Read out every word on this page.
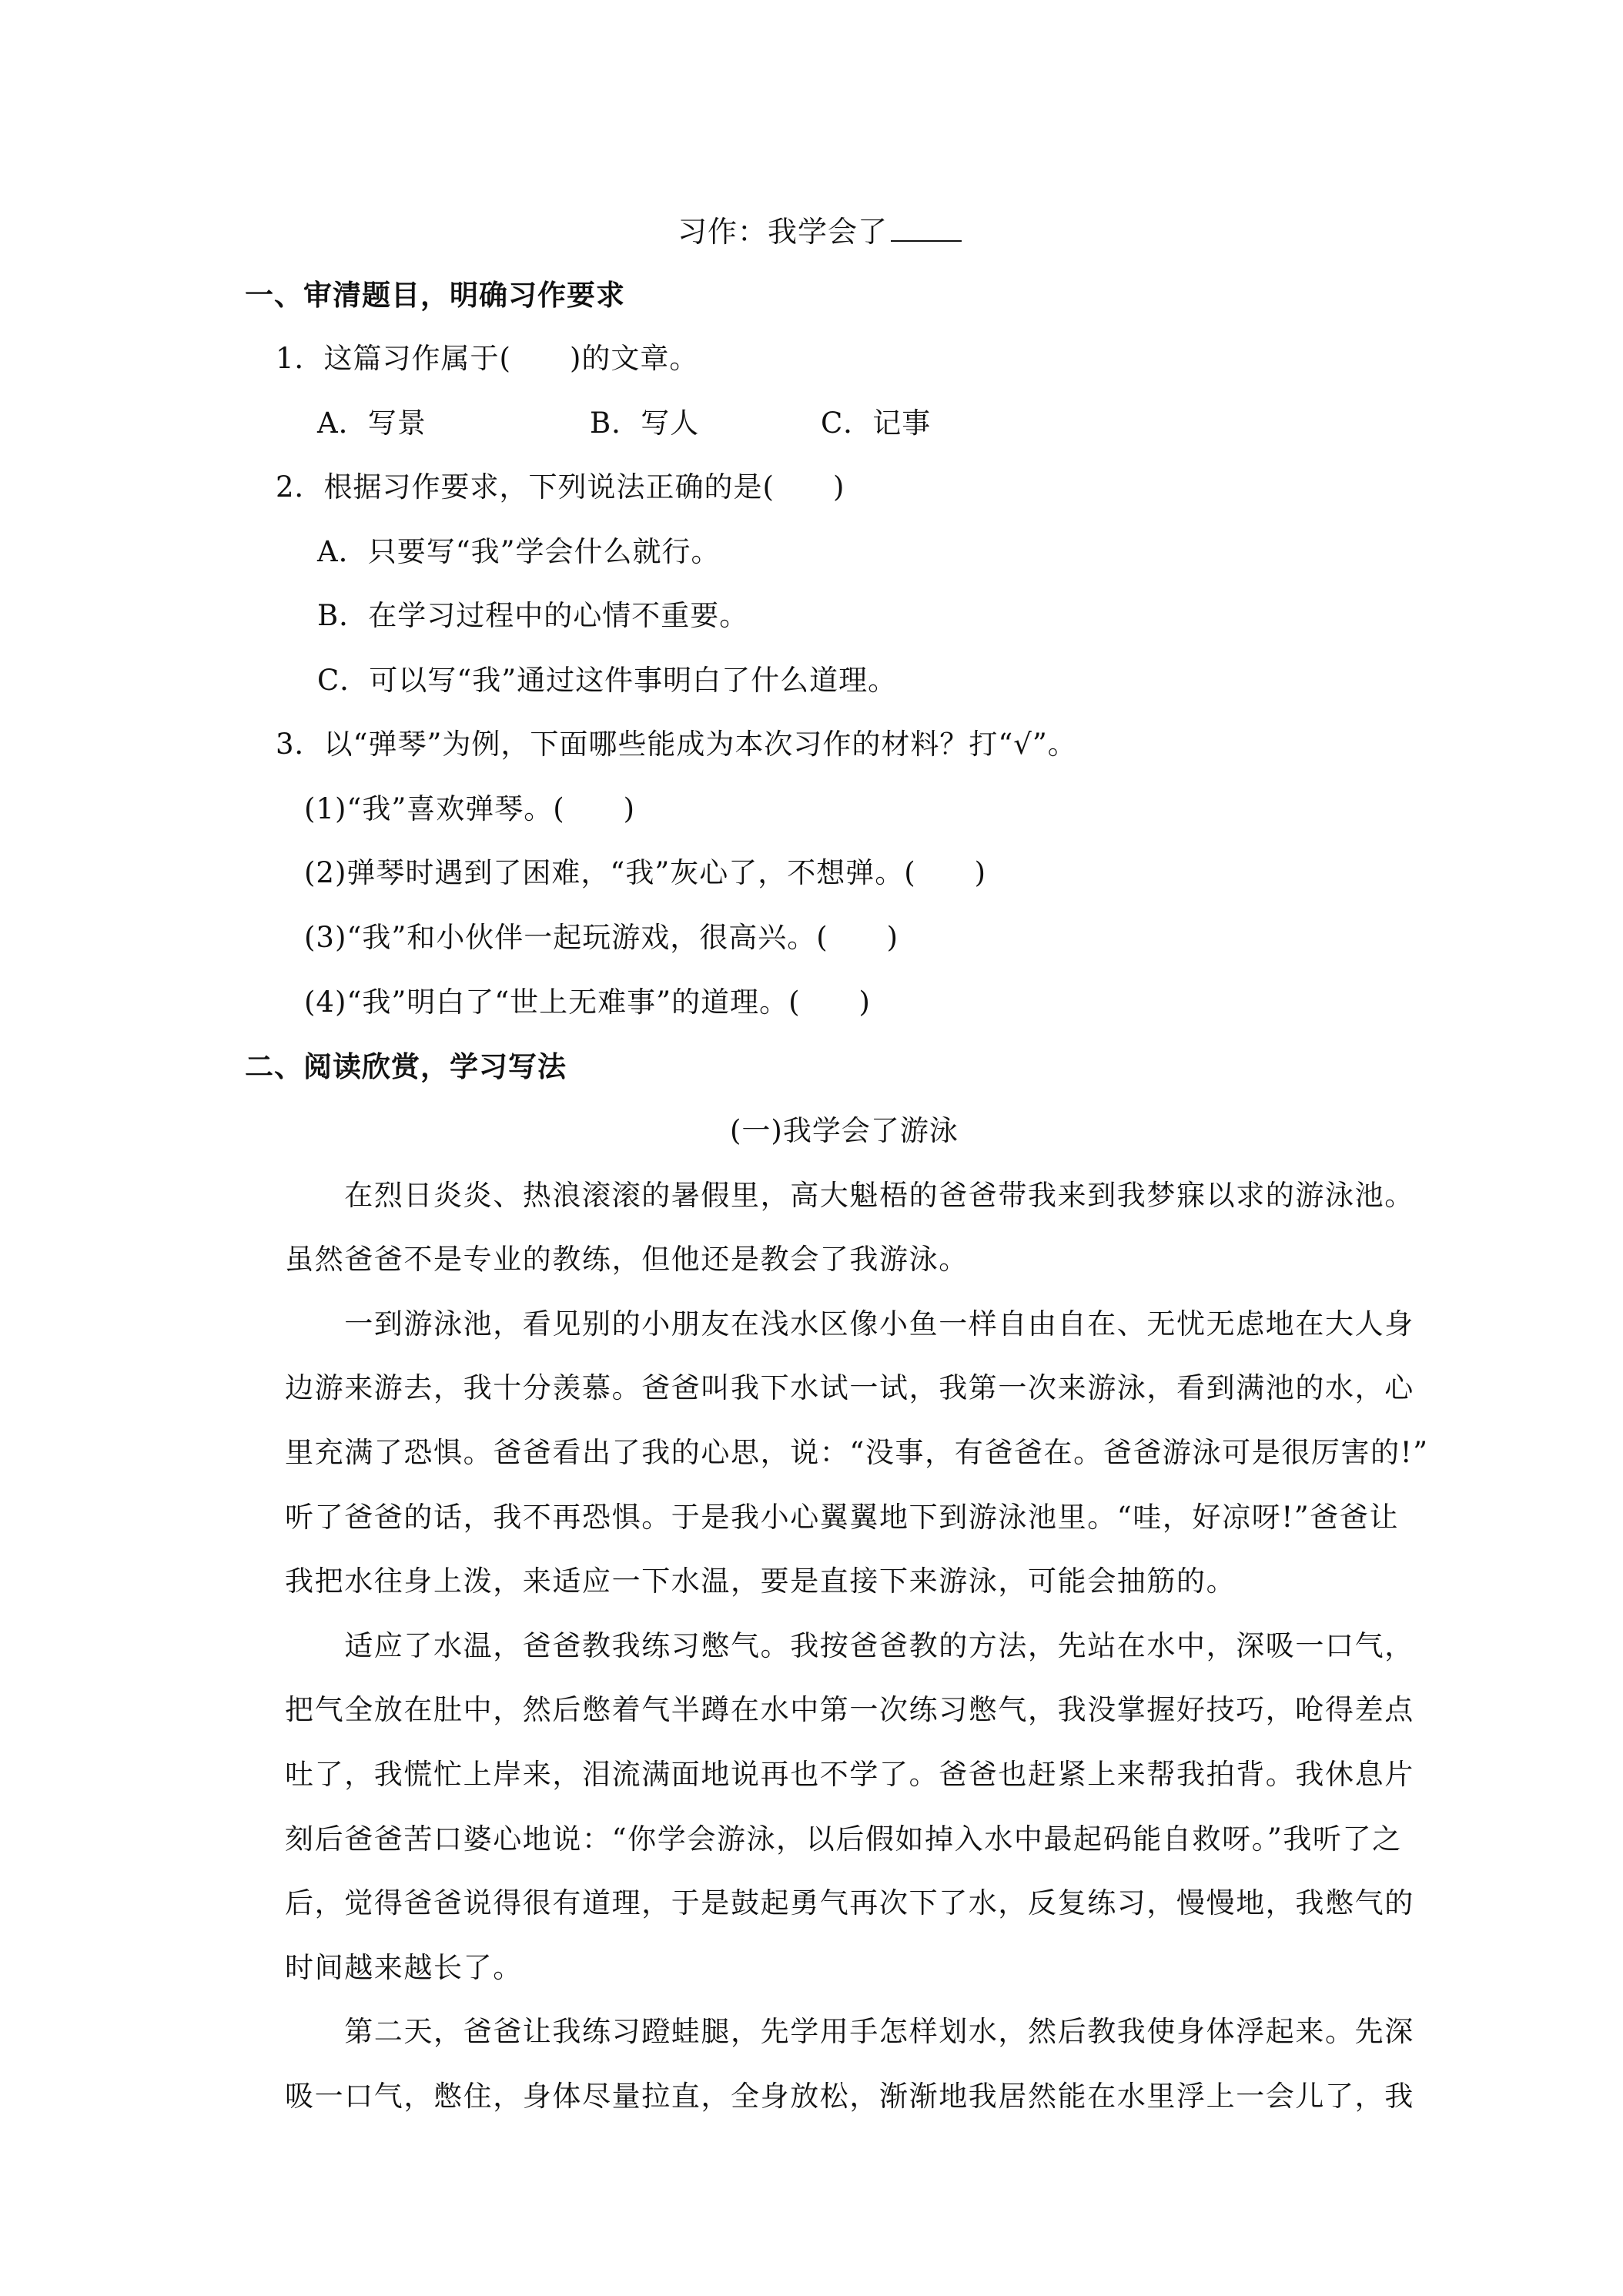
习作：我学会了
一、审清题目，明确习作要求
1．这篇习作属于(　　)的文章。
A．写景	B．写人	C．记事
2．根据习作要求，下列说法正确的是(　　)
A．只要写“我”学会什么就行。
B．在学习过程中的心情不重要。
C．可以写“我”通过这件事明白了什么道理。
3．以“弹琴”为例，下面哪些能成为本次习作的材料？打“√”。
(1)“我”喜欢弹琴。(　　)
(2)弹琴时遇到了困难，“我”灰心了，不想弹。(　　)
(3)“我”和小伙伴一起玩游戏，很高兴。(　　)
(4)“我”明白了“世上无难事”的道理。(　　)
二、阅读欣赏，学习写法
(一)我学会了游泳
　　在烈日炎炎、热浪滚滚的暑假里，高大魁梧的爸爸带我来到我梦寐以求的游泳池。
虽然爸爸不是专业的教练，但他还是教会了我游泳。
　　一到游泳池，看见别的小朋友在浅水区像小鱼一样自由自在、无忧无虑地在大人身
边游来游去，我十分羡慕。爸爸叫我下水试一试，我第一次来游泳，看到满池的水，心
里充满了恐惧。爸爸看出了我的心思，说：“没事，有爸爸在。爸爸游泳可是很厉害的!”
听了爸爸的话，我不再恐惧。于是我小心翼翼地下到游泳池里。“哇，好凉呀!”爸爸让
我把水往身上泼，来适应一下水温，要是直接下来游泳，可能会抽筋的。
　　适应了水温，爸爸教我练习憋气。我按爸爸教的方法，先站在水中，深吸一口气，
把气全放在肚中，然后憋着气半蹲在水中第一次练习憋气，我没掌握好技巧，呛得差点
吐了，我慌忙上岸来，泪流满面地说再也不学了。爸爸也赶紧上来帮我拍背。我休息片
刻后爸爸苦口婆心地说：“你学会游泳，以后假如掉入水中最起码能自救呀。”我听了之
后，觉得爸爸说得很有道理，于是鼓起勇气再次下了水，反复练习，慢慢地，我憋气的
时间越来越长了。
　　第二天，爸爸让我练习蹬蛙腿，先学用手怎样划水，然后教我使身体浮起来。先深
吸一口气，憋住，身体尽量拉直，全身放松，渐渐地我居然能在水里浮上一会儿了，我
